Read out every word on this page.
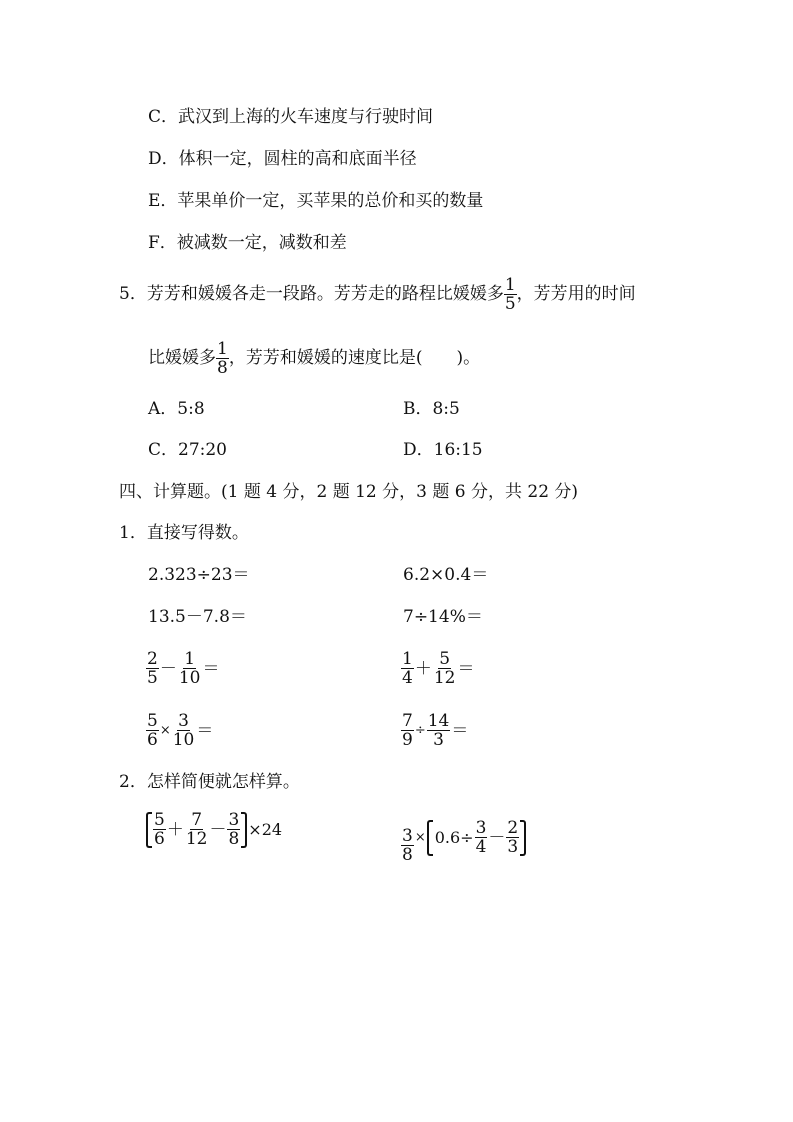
C．武汉到上海的火车速度与行驶时间
D．体积一定，圆柱的高和底面半径
E．苹果单价一定，买苹果的总价和买的数量
F．被减数一定，减数和差
5．芳芳和媛媛各走一段路。芳芳走的路程比媛媛多 $\frac{1}{5}$ ，芳芳用的时间
比媛媛多 $\frac{1}{8}$ ，芳芳和媛媛的速度比是(　　)。
A．5:8	B．8:5
C．27:20	D．16:15
四、计算题。(1 题 4 分，2 题 12 分，3 题 6 分，共 22 分)
1．直接写得数。
2.323÷23＝	6.2×0.4＝
13.5－7.8＝	7÷14%＝
$\frac{2}{5} - \frac{1}{10}$ ＝	$\frac{1}{4} + \frac{5}{12}$ ＝
$\frac{5}{6} \times \frac{3}{10}$ ＝	$\frac{7}{9} \div \frac{14}{3}$ ＝
2．怎样简便就怎样算。
$\frac{5}{6} + \frac{7}{12} - \frac{3}{8} \times 24$	$\frac{3}{8} \times 0.6\div \frac{3}{4} - \frac{2}{3}$
